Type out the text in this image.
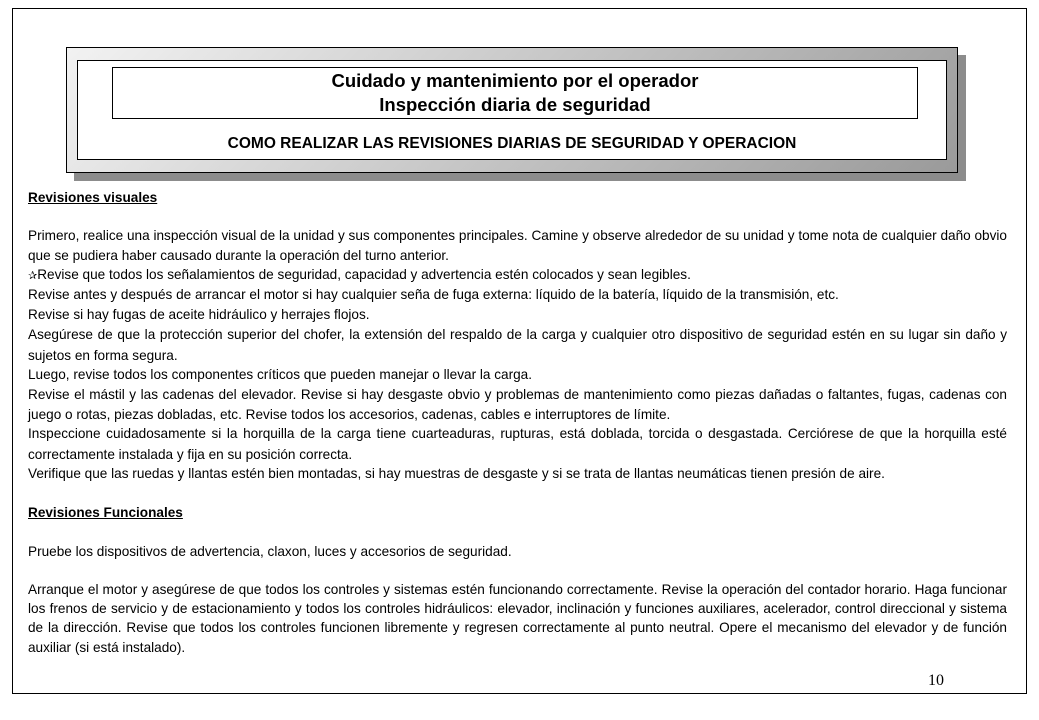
Cuidado y mantenimiento por el operador
Inspección diaria de seguridad
COMO REALIZAR LAS REVISIONES DIARIAS DE SEGURIDAD Y OPERACION

Revisiones visuales

Primero, realice una inspección visual de la unidad y sus componentes principales. Camine y observe alrededor de su unidad y tome nota de cualquier daño obvio que se pudiera haber causado durante la operación del turno anterior.

✰Revise que todos los señalamientos de seguridad, capacidad y advertencia estén colocados y sean legibles.

Revise antes y después de arrancar el motor si hay cualquier seña de fuga externa: líquido de la batería, líquido de la transmisión, etc.

Revise si hay fugas de aceite hidráulico y herrajes flojos.

Asegúrese de que la protección superior del chofer, la extensión del respaldo de la carga y cualquier otro dispositivo de seguridad estén en su lugar sin daño y sujetos en forma segura.

Luego, revise todos los componentes críticos que pueden manejar o llevar la carga.

Revise el mástil y las cadenas del elevador. Revise si hay desgaste obvio y problemas de mantenimiento como piezas dañadas o faltantes, fugas, cadenas con juego o rotas, piezas dobladas, etc. Revise todos los accesorios, cadenas, cables e interruptores de límite.

Inspeccione cuidadosamente si la horquilla de la carga tiene cuarteaduras, rupturas, está doblada, torcida o desgastada. Cerciórese de que la horquilla esté correctamente instalada y fija en su posición correcta.

Verifique que las ruedas y llantas estén bien montadas, si hay muestras de desgaste y si se trata de llantas neumáticas tienen presión de aire.

Revisiones Funcionales

Pruebe los dispositivos de advertencia, claxon, luces y accesorios de seguridad.

Arranque el motor y asegúrese de que todos los controles y sistemas estén funcionando correctamente. Revise la operación del contador horario. Haga funcionar los frenos de servicio y de estacionamiento y todos los controles hidráulicos: elevador, inclinación y funciones auxiliares, acelerador, control direccional y sistema de la dirección. Revise que todos los controles funcionen libremente y regresen correctamente al punto neutral. Opere el mecanismo del elevador y de función auxiliar (si está instalado).

10
